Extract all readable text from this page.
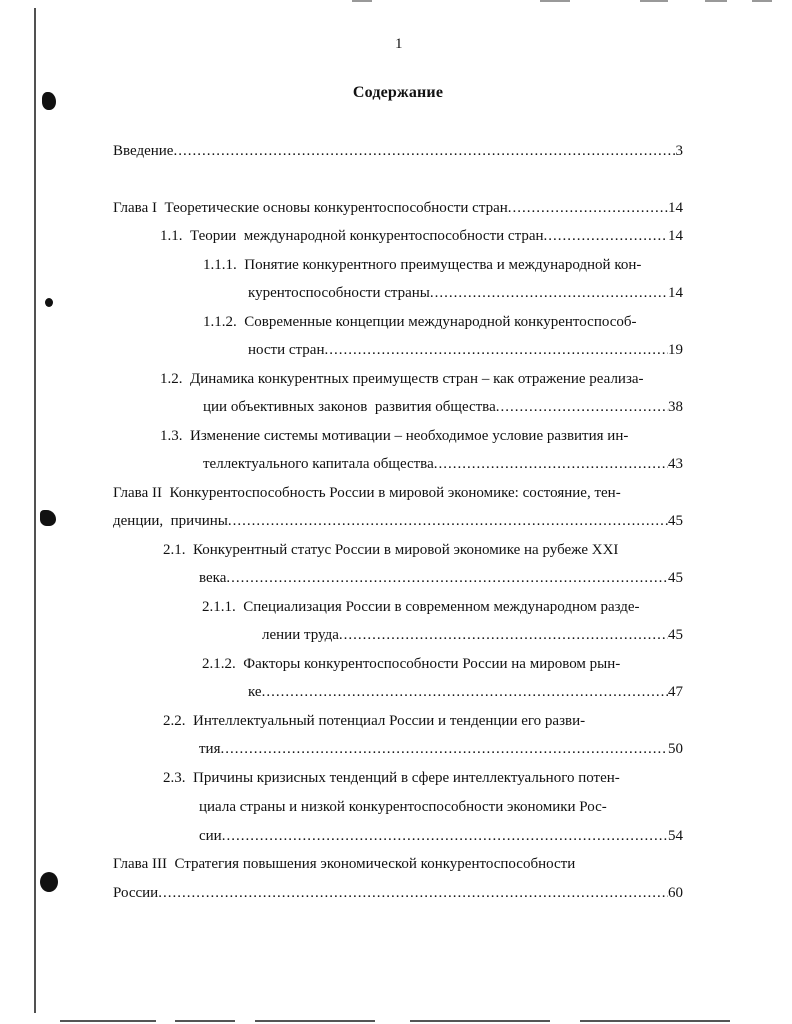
1
Содержание
Введение .....	3
Глава I  Теоретические основы конкурентоспособности стран .....	14
1.1.  Теории  международной конкурентоспособности стран .....	14
1.1.1.  Понятие конкурентного преимущества и международной кон-
курентоспособности страны .....	14
1.1.2.  Современные концепции международной конкурентоспособ-
ности стран .....	19
1.2.  Динамика конкурентных преимуществ стран – как отражение реализа-
ции объективных законов  развития общества .....	38
1.3.  Изменение системы мотивации – необходимое условие развития ин-
теллектуального капитала общества .....	43
Глава II  Конкурентоспособность России в мировой экономике: состояние, тен-
денции,  причины .....	45
2.1.  Конкурентный статус России в мировой экономике на рубеже XXI
века .....	45
2.1.1.  Специализация России в современном международном разде-
лении труда .....	45
2.1.2.  Факторы конкурентоспособности России на мировом рын-
ке .....	47
2.2.  Интеллектуальный потенциал России и тенденции его разви-
тия .....	50
2.3.  Причины кризисных тенденций в сфере интеллектуального потен-
циала страны и низкой конкурентоспособности экономики Рос-
сии .....	54
Глава III  Стратегия повышения экономической конкурентоспособности
России .....	60
